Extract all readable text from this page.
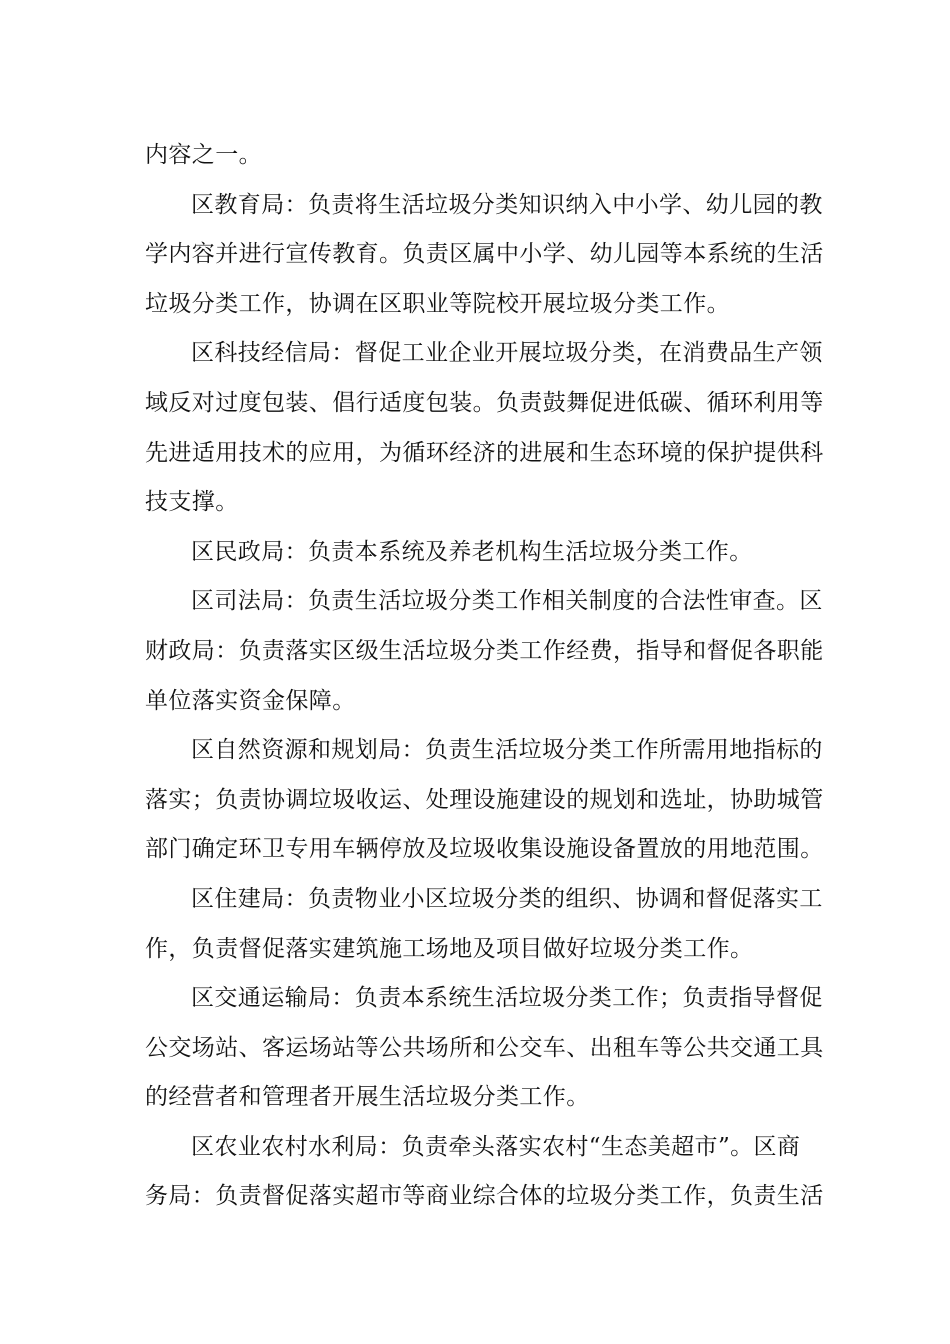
内容之一。
区教育局：负责将生活垃圾分类知识纳入中小学、幼儿园的教
学内容并进行宣传教育。负责区属中小学、幼儿园等本系统的生活
垃圾分类工作，协调在区职业等院校开展垃圾分类工作。
区科技经信局：督促工业企业开展垃圾分类，在消费品生产领
域反对过度包装、倡行适度包装。负责鼓舞促进低碳、循环利用等
先进适用技术的应用，为循环经济的进展和生态环境的保护提供科
技支撑。
区民政局：负责本系统及养老机构生活垃圾分类工作。
区司法局：负责生活垃圾分类工作相关制度的合法性审查。区
财政局：负责落实区级生活垃圾分类工作经费，指导和督促各职能
单位落实资金保障。
区自然资源和规划局：负责生活垃圾分类工作所需用地指标的
落实；负责协调垃圾收运、处理设施建设的规划和选址，协助城管
部门确定环卫专用车辆停放及垃圾收集设施设备置放的用地范围。
区住建局：负责物业小区垃圾分类的组织、协调和督促落实工
作，负责督促落实建筑施工场地及项目做好垃圾分类工作。
区交通运输局：负责本系统生活垃圾分类工作；负责指导督促
公交场站、客运场站等公共场所和公交车、出租车等公共交通工具
的经营者和管理者开展生活垃圾分类工作。
区农业农村水利局：负责牵头落实农村“生态美超市”。区商
务局：负责督促落实超市等商业综合体的垃圾分类工作，负责生活
